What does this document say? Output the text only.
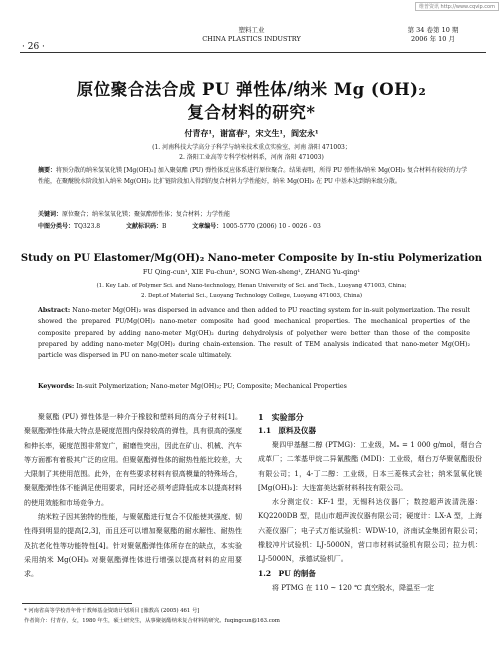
维普资讯 http://www.cqvip.com
· 26 ·
塑料工业
CHINA PLASTICS INDUSTRY
第 34 卷第 10 期
2006 年 10 月
原位聚合法合成 PU 弹性体/纳米 Mg (OH)₂
复合材料的研究*
付青存¹，谢富春²，宋文生¹，阎宏永¹
(1. 河南科技大学高分子科学与纳米技术重点实验室，河南 洛阳 471003；
2. 洛阳工业高等专科学校材料系，河南 洛阳 471003)
摘要：将预分散的纳米氢氧化镁 [Mg(OH)₂] 加入聚氨酯 (PU) 弹性体反应体系进行原位聚合。结果表明，所得 PU 弹性体/纳米 Mg(OH)₂ 复合材料有较好的力学性能，在聚醚脱水阶段加入纳米 Mg(OH)₂ 比扩链阶段加入得到的复合材料力学性能好，纳米 Mg(OH)₂ 在 PU 中基本达到纳米级分散。
关键词：原位聚合；纳米氢氧化镁；聚氨酯弹性体；复合材料；力学性能
中图分类号：TQ323.8	文献标识码：B	文章编号：1005-5770 (2006) 10 - 0026 - 03
Study on PU Elastomer/Mg(OH)₂ Nano-meter Composite by In-stiu Polymerization
FU Qing-cun¹, XIE Fu-chun², SONG Wen-sheng¹, ZHANG Yu-qing¹
(1. Key Lab. of Polymer Sci. and Nano-technology, Henan University of Sci. and Tech., Luoyang 471003, China;
2. Dept.of Material Sci., Luoyang Technology College, Luoyang 471003, China)
Abstract: Nano-meter Mg(OH)₂ was dispersed in advance and then added to PU reacting system for in-suit polymerization. The result showed the prepared PU/Mg(OH)₂ nano-meter composite had good mechanical properties. The mechanical properties of the composite prepared by adding nano-meter Mg(OH)₂ during dehydrolysis of polyether were better than those of the composite prepared by adding nano-meter Mg(OH)₂ during chain-extension. The result of TEM analysis indicated that nano-meter Mg(OH)₂ particle was dispersed in PU on nano-meter scale ultimately.
Keywords: In-suit Polymerization; Nano-meter Mg(OH)₂; PU; Composite; Mechanical Properties
聚氨酯 (PU) 弹性体是一种介于橡胶和塑料间的高分子材料[1]。聚氨酯弹性体最大特点是硬度范围内保持较高的弹性，具有很高的强度和伸长率，硬度范围非常宽广，耐磨性突出，因此在矿山、机械、汽车等方面都有着极其广泛的应用。但聚氨酯弹性体的耐热性能比较差，大大限制了其使用范围。此外，在有些要求材料有很高模量的特殊场合，聚氨酯弹性体不能满足使用要求，同时还必须考虑降低成本以提高材料的使用效能和市场竞争力。
纳米粒子因其独特的性能，与聚氨酯进行复合不仅能使其强度、韧性得到明显的提高[2,3]，而且还可以增加聚氨酯的耐水解性、耐热性及抗老化性等功能特性[4]。针对聚氨酯弹性体所存在的缺点，本实验采用纳米 Mg(OH)₂ 对聚氨酯弹性体进行增强以提高材料的应用要求。
1　实验部分
1.1　原料及仪器
聚四甲基醚二醇 (PTMG)：工业级，Mₙ = 1 000 g/mol，烟台合成革厂；二苯基甲烷二异氰酸酯 (MDI)：工业级，烟台万华聚氨酯股份有限公司；1，4-丁二醇：工业级，日本三菱株式会社；纳米氢氧化镁 [Mg(OH)₂]：大连富美达新材料科技有限公司。
水分测定仪：KF-1 型，无锡科达仪器厂；数控超声波清洗器：KQ2200DB 型，昆山市超声波仪器有限公司；硬度计：LX-A 型，上海六菱仪器厂；电子式万能试验机：WDW-10，济南试金集团有限公司；橡胶冲片试验机：LJ-5000N，营口市材料试验机有限公司；拉力机：LJ-5000N，承德试验机厂。
1.2　PU 的制备
将 PTMG 在 110 ~ 120 ℃ 真空脱水，降温至一定
* 河南省高等学校青年骨干教师基金资助计划项目 [豫教高 (2005) 461 号]
作者简介：付青存，女，1980 年生，硕士研究生，从事聚氨酯纳米复合材料的研究。fuqingcun@163.com
